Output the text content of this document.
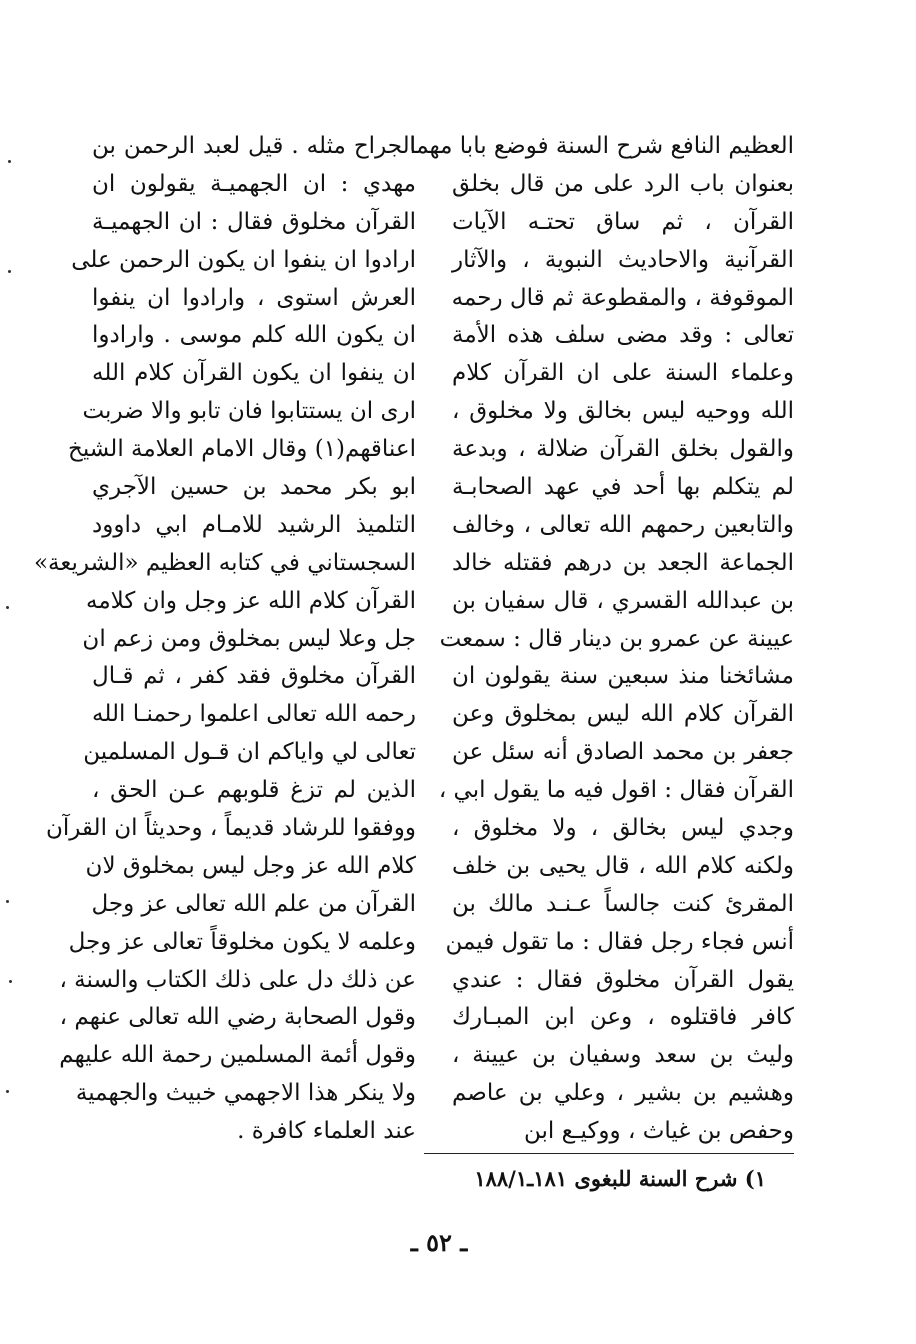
العظيم النافع شرح السنة فوضع بابا مهما
بعنوان باب الرد على من قال بخلق
القرآن ، ثم ساق تحتـه الآيات
القرآنية والاحاديث النبوية ، والآثار
الموقوفة ، والمقطوعة ثم قال رحمه
تعالى : وقد مضى سلف هذه الأمة
وعلماء السنة على ان القرآن كلام
الله ووحيه ليس بخالق ولا مخلوق ،
والقول بخلق القرآن ضلالة ، وبدعة
لم يتكلم بها أحد في عهد الصحابـة
والتابعين رحمهم الله تعالى ، وخالف
الجماعة الجعد بن درهم فقتله خالد
بن عبدالله القسري ، قال سفيان بن
عيينة عن عمرو بن دينار قال : سمعت
مشائخنا منذ سبعين سنة يقولون ان
القرآن كلام الله ليس بمخلوق وعن
جعفر بن محمد الصادق أنه سئل عن
القرآن فقال : اقول فيه ما يقول ابي ،
وجدي ليس بخالق ، ولا مخلوق ،
ولكنه كلام الله ، قال يحيى بن خلف
المقرئ كنت جالساً عـنـد مالك بن
أنس فجاء رجل فقال : ما تقول فيمن
يقول القرآن مخلوق فقال : عندي
كافر فاقتلوه ، وعن ابن المبـارك
وليث بن سعد وسفيان بن عيينة ،
وهشيم بن بشير ، وعلي بن عاصم
وحفص بن غياث ، ووكيـع ابن
الجراح مثله . قيل لعبد الرحمن بن
مهدي : ان الجهميـة يقولون ان
القرآن مخلوق فقال : ان الجهميـة
ارادوا ان ينفوا ان يكون الرحمن على
العرش استوى ، وارادوا ان ينفوا
ان يكون الله كلم موسى . وارادوا
ان ينفوا ان يكون القرآن كلام الله
ارى ان يستتابوا فان تابو والا ضربت
اعناقهم(١) وقال الامام العلامة الشيخ
ابو بكر محمد بن حسين الآجري
التلميذ الرشيد للامـام ابي داوود
السجستاني في كتابه العظيم «الشريعة»
القرآن كلام الله عز وجل وان كلامه
جل وعلا ليس بمخلوق ومن زعم ان
القرآن مخلوق فقد كفر ، ثم قـال
رحمه الله تعالى اعلموا رحمنـا الله
تعالى لي واياكم ان قـول المسلمين
الذين لم تزغ قلوبهم عـن الحق ،
ووفقوا للرشاد قديماً ، وحديثاً ان القرآن
كلام الله عز وجل ليس بمخلوق لان
القرآن من علم الله تعالى عز وجل
وعلمه لا يكون مخلوقاً تعالى عز وجل
عن ذلك دل على ذلك الكتاب والسنة ،
وقول الصحابة رضي الله تعالى عنهم ،
وقول أئمة المسلمين رحمة الله عليهم
ولا ينكر هذا الاجهمي خبيث والجهمية
عند العلماء كافرة .
١) شرح السنة للبغوى ١٨١ـ١٨٨/١
ـ ٥٢ ـ
